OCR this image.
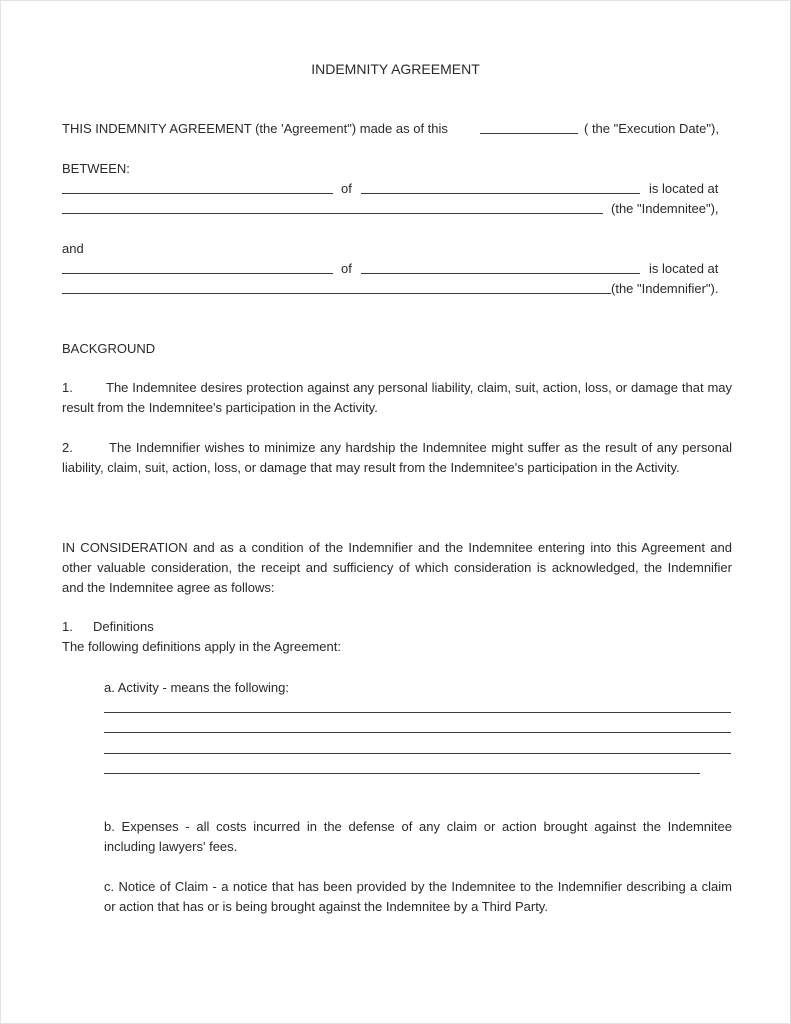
INDEMNITY AGREEMENT
THIS INDEMNITY AGREEMENT (the 'Agreement") made as of this	( the "Execution Date"),
BETWEEN:
of	is located at
(the "Indemnitee"),
and
of	is located at
(the "Indemnifier").
BACKGROUND
1.	The Indemnitee desires protection against any personal liability, claim, suit, action, loss, or damage that may result from the Indemnitee's participation in the Activity.
2.	The Indemnifier wishes to minimize any hardship the Indemnitee might suffer as the result of any personal liability, claim, suit, action, loss, or damage that may result from the Indemnitee's participation in the Activity.
IN CONSIDERATION and as a condition of the Indemnifier and the Indemnitee entering into this Agreement and other valuable consideration, the receipt and sufficiency of which consideration is acknowledged, the Indemnifier and the Indemnitee agree as follows:
1. Definitions
The following definitions apply in the Agreement:
a. Activity - means the following:
b. Expenses - all costs incurred in the defense of any claim or action brought against the Indemnitee including lawyers' fees.
c. Notice of Claim - a notice that has been provided by the Indemnitee to the Indemnifier describing a claim or action that has or is being brought against the Indemnitee by a Third Party.
